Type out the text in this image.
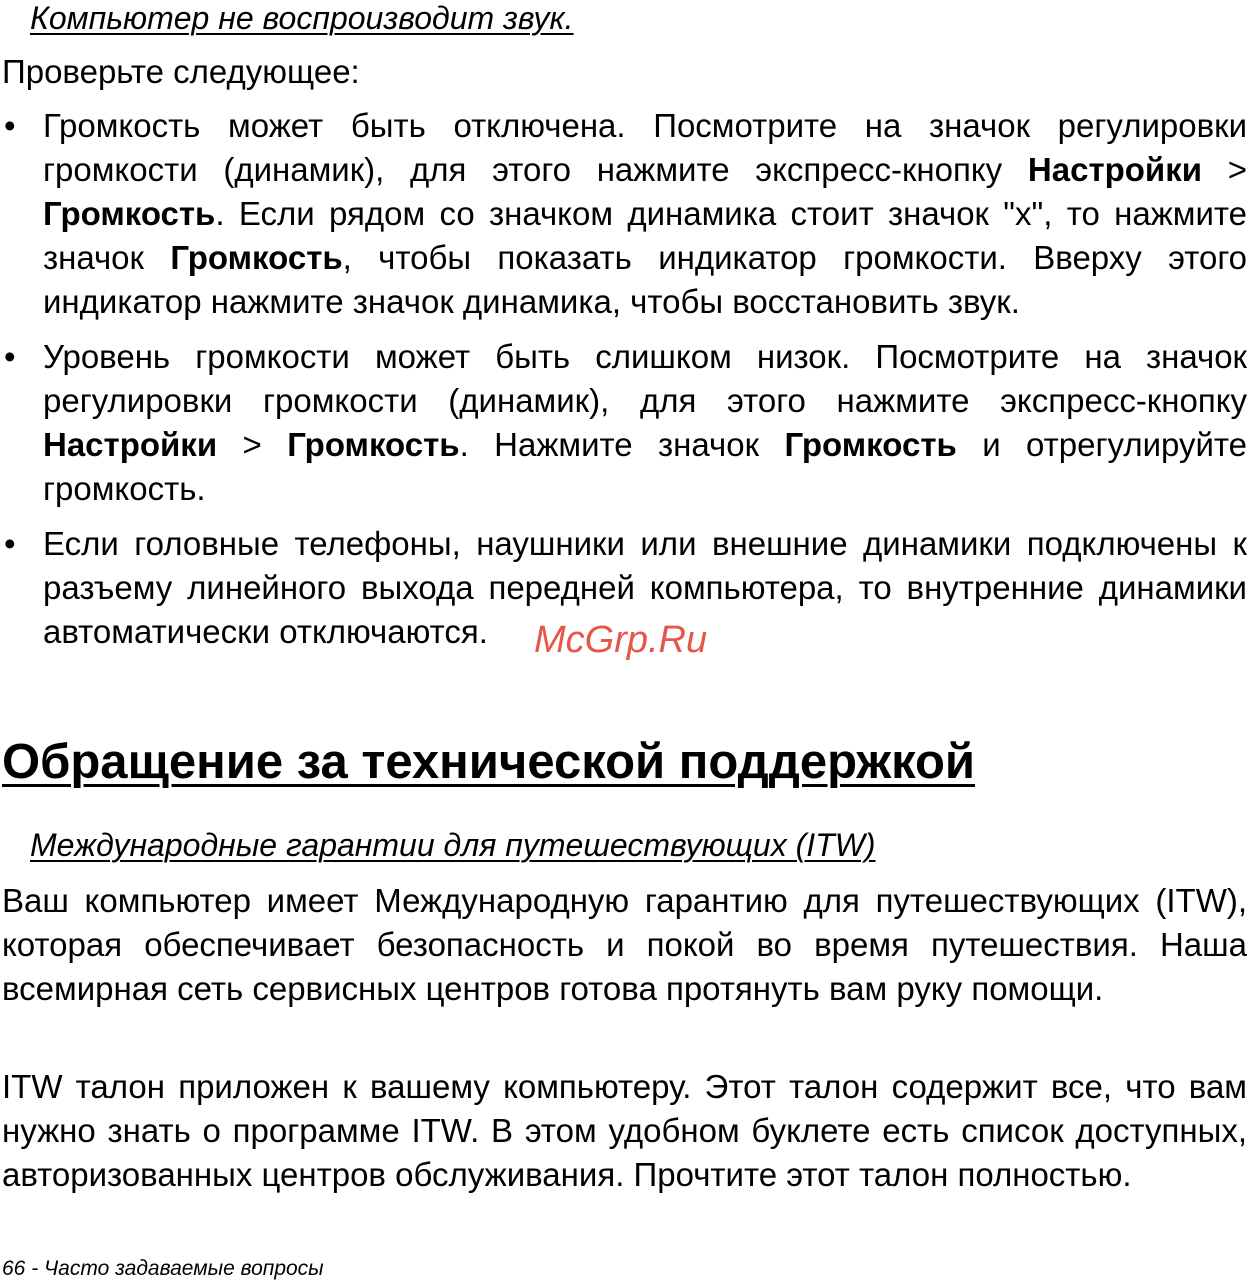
Компьютер не воспроизводит звук.
Проверьте следующее:
• Громкость может быть отключена. Посмотрите на значок регулировки громкости (динамик), для этого нажмите экспресс-кнопку Настройки > Громкость. Если рядом со значком динамика стоит значок "x", то нажмите значок Громкость, чтобы показать индикатор громкости. Вверху этого индикатор нажмите значок динамика, чтобы восстановить звук.
• Уровень громкости может быть слишком низок. Посмотрите на значок регулировки громкости (динамик), для этого нажмите экспресс-кнопку Настройки > Громкость. Нажмите значок Громкость и отрегулируйте громкость.
• Если головные телефоны, наушники или внешние динамики подключены к разъему линейного выхода передней компьютера, то внутренние динамики автоматически отключаются.
Обращение за технической поддержкой
Международные гарантии для путешествующих (ITW)
Ваш компьютер имеет Международную гарантию для путешествующих (ITW), которая обеспечивает безопасность и покой во время путешествия. Наша всемирная сеть сервисных центров готова протянуть вам руку помощи.
ITW талон приложен к вашему компьютеру. Этот талон содержит все, что вам нужно знать о программе ITW. В этом удобном буклете есть список доступных, авторизованных центров обслуживания. Прочтите этот талон полностью.
66 - Часто задаваемые вопросы
McGrp.Ru
